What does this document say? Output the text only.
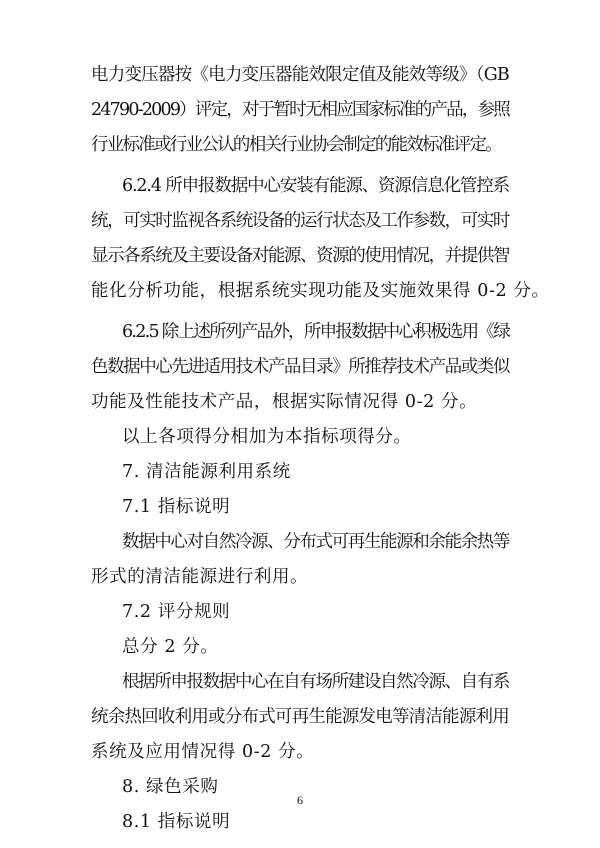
电力变压器按《电力变压器能效限定值及能效等级》（GB
24790-2009）评定，对于暂时无相应国家标准的产品，参照
行业标准或行业公认的相关行业协会制定的能效标准评定。
6.2.4 所申报数据中心安装有能源、资源信息化管控系
统，可实时监视各系统设备的运行状态及工作参数，可实时
显示各系统及主要设备对能源、资源的使用情况，并提供智
能化分析功能，根据系统实现功能及实施效果得 0-2 分。
6.2.5 除上述所列产品外，所申报数据中心积极选用《绿
色数据中心先进适用技术产品目录》所推荐技术产品或类似
功能及性能技术产品，根据实际情况得 0-2 分。
以上各项得分相加为本指标项得分。
7. 清洁能源利用系统
7.1 指标说明
数据中心对自然冷源、分布式可再生能源和余能余热等
形式的清洁能源进行利用。
7.2 评分规则
总分 2 分。
根据所申报数据中心在自有场所建设自然冷源、自有系
统余热回收利用或分布式可再生能源发电等清洁能源利用
系统及应用情况得 0-2 分。
8. 绿色采购
8.1 指标说明
6
